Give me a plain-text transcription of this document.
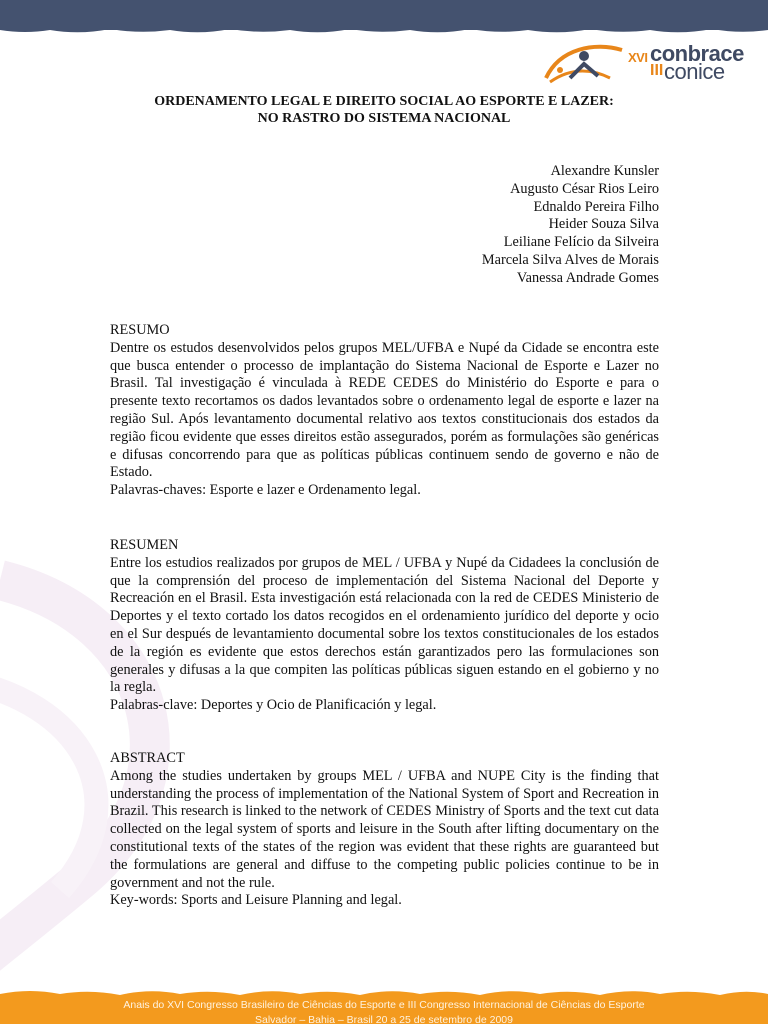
XVI conbrace
III conice
ORDENAMENTO LEGAL E DIREITO SOCIAL AO ESPORTE E LAZER:
NO RASTRO DO SISTEMA NACIONAL
Alexandre Kunsler
Augusto César Rios Leiro
Ednaldo Pereira Filho
Heider Souza Silva
Leiliane Felício da Silveira
Marcela Silva Alves de Morais
Vanessa Andrade Gomes
RESUMO
Dentre os estudos desenvolvidos pelos grupos MEL/UFBA e Nupé da Cidade se encontra este que busca entender o processo de implantação do Sistema Nacional de Esporte e Lazer no Brasil. Tal investigação é vinculada à REDE CEDES do Ministério do Esporte e para o presente texto recortamos os dados levantados sobre o ordenamento legal de esporte e lazer na região Sul. Após levantamento documental relativo aos textos constitucionais dos estados da região ficou evidente que esses direitos estão assegurados, porém as formulações são genéricas e difusas concorrendo para que as políticas públicas continuem sendo de governo e não de Estado.
Palavras-chaves: Esporte e lazer e Ordenamento legal.
RESUMEN
Entre los estudios realizados por grupos de MEL / UFBA y Nupé da Cidadees la conclusión de que la comprensión del proceso de implementación del Sistema Nacional del Deporte y Recreación en el Brasil. Esta investigación está relacionada con la red de CEDES Ministerio de Deportes y el texto cortado los datos recogidos en el ordenamiento jurídico del deporte y ocio en el Sur después de levantamiento documental sobre los textos constitucionales de los estados de la región es evidente que estos derechos están garantizados pero las formulaciones son generales y difusas a la que compiten las políticas públicas siguen estando en el gobierno y no la regla.
Palabras-clave: Deportes y Ocio de Planificación y legal.
ABSTRACT
Among the studies undertaken by groups MEL / UFBA and NUPE City is the finding that understanding the process of implementation of the National System of Sport and Recreation in Brazil. This research is linked to the network of CEDES Ministry of Sports and the text cut data collected on the legal system of sports and leisure in the South after lifting documentary on the constitutional texts of the states of the region was evident that these rights are guaranteed but the formulations are general and diffuse to the competing public policies continue to be in government and not the rule.
Key-words: Sports and Leisure Planning and legal.
Anais do XVI Congresso Brasileiro de Ciências do Esporte e III Congresso Internacional de Ciências do Esporte
Salvador – Bahia – Brasil 20 a 25 de setembro de 2009
